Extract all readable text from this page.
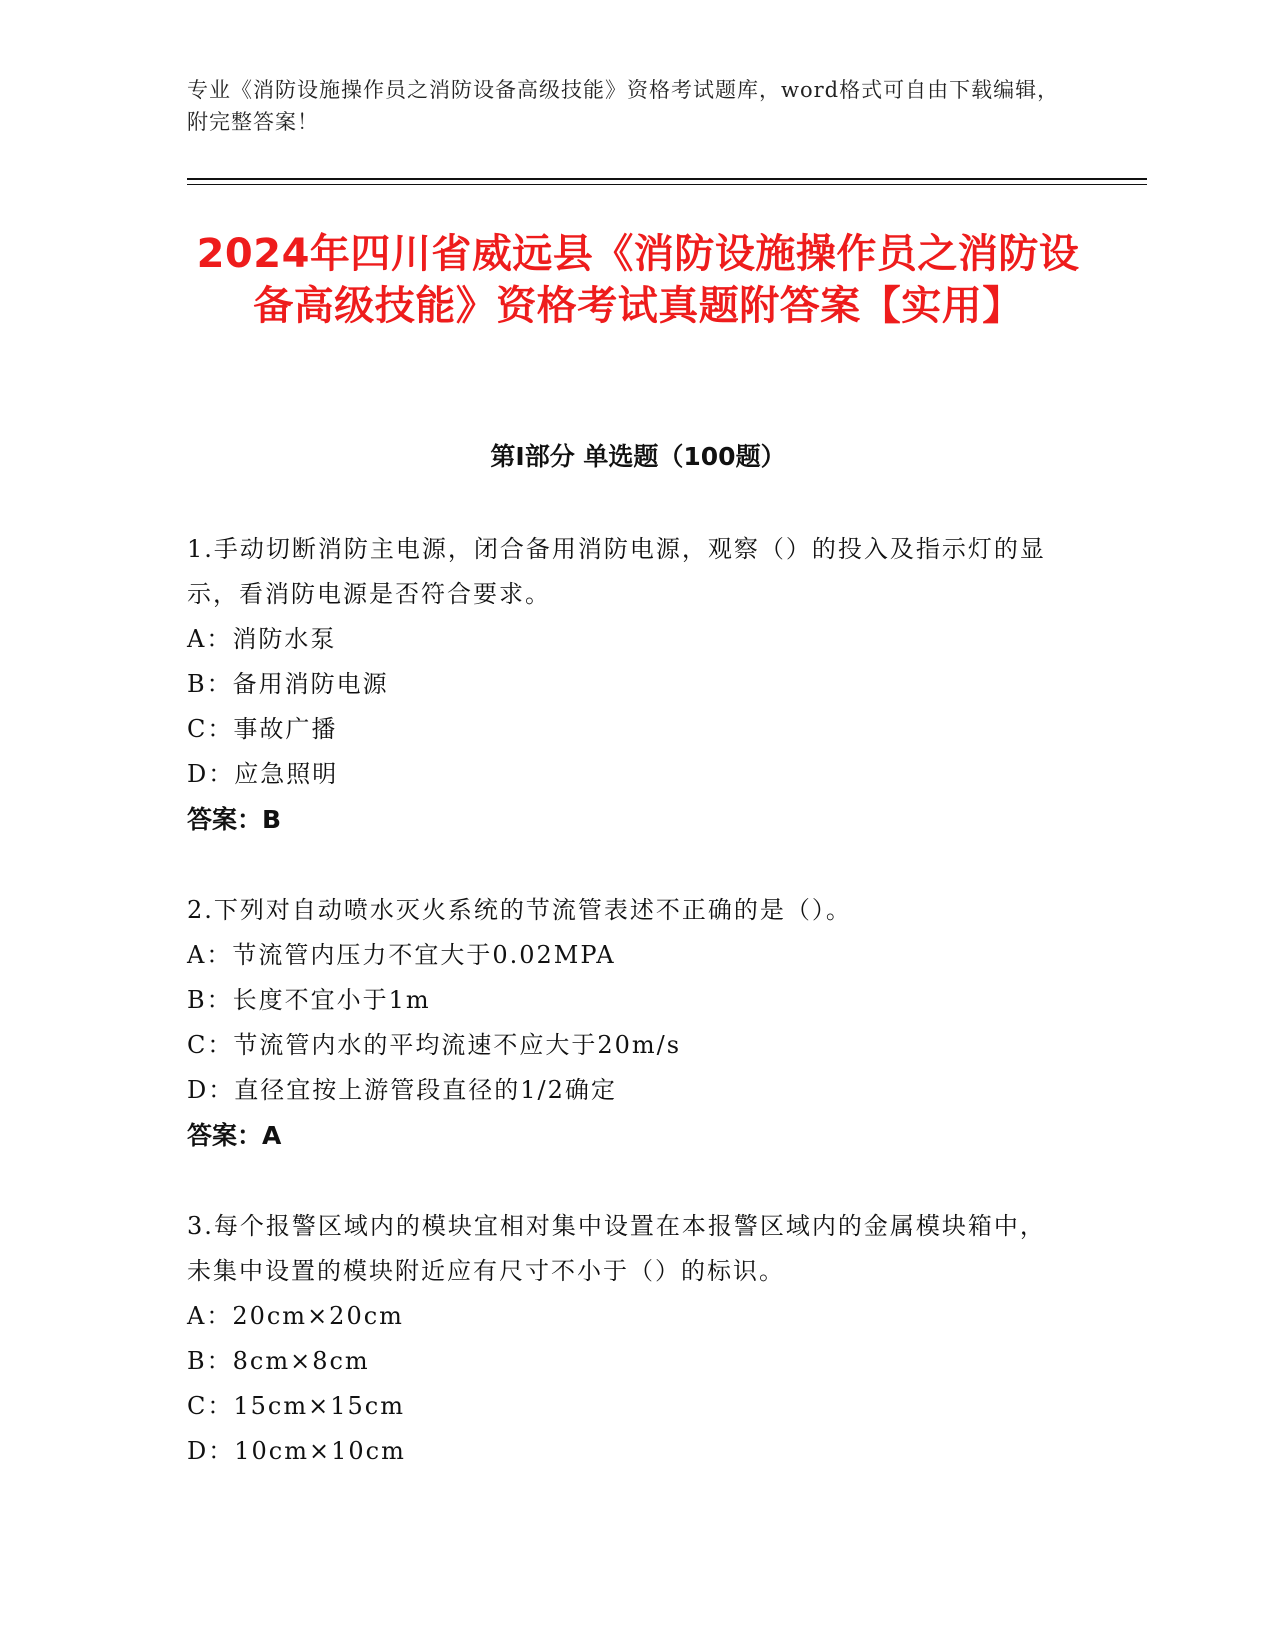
专业《消防设施操作员之消防设备高级技能》资格考试题库，word格式可自由下载编辑，附完整答案！
2024年四川省威远县《消防设施操作员之消防设备高级技能》资格考试真题附答案【实用】
第I部分 单选题（100题）
1.手动切断消防主电源，闭合备用消防电源，观察（）的投入及指示灯的显示，看消防电源是否符合要求。
A：消防水泵
B：备用消防电源
C：事故广播
D：应急照明
答案：B
2.下列对自动喷水灭火系统的节流管表述不正确的是（）。
A：节流管内压力不宜大于0.02MPA
B：长度不宜小于1m
C：节流管内水的平均流速不应大于20m/s
D：直径宜按上游管段直径的1/2确定
答案：A
3.每个报警区域内的模块宜相对集中设置在本报警区域内的金属模块箱中，未集中设置的模块附近应有尺寸不小于（）的标识。
A：20cm×20cm
B：8cm×8cm
C：15cm×15cm
D：10cm×10cm
